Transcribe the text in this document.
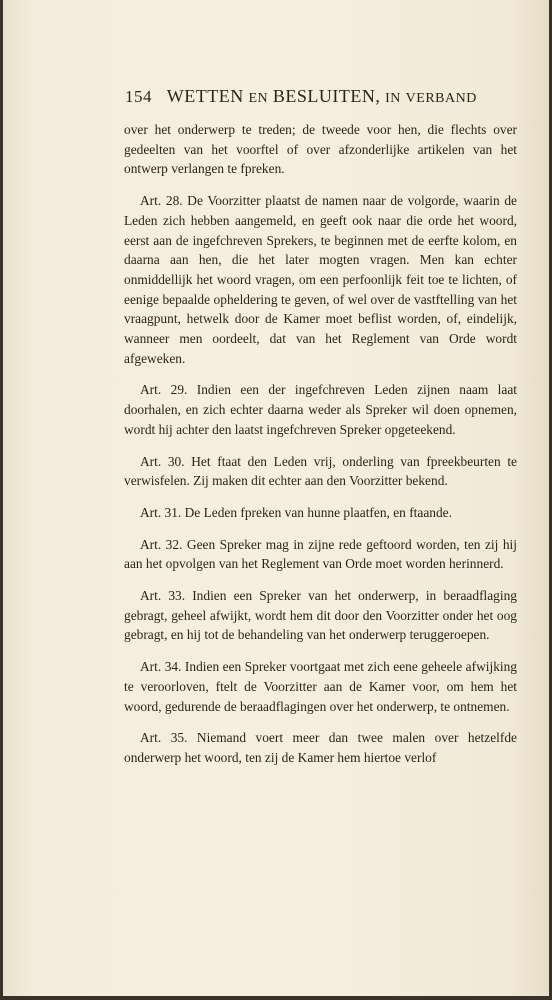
154 WETTEN EN BESLUITEN, IN VERBAND

over het onderwerp te treden; de tweede voor hen, die flechts over gedeelten van het voorftel of over afzonderlijke artikelen van het ontwerp verlangen te fpreken.

Art. 28. De Voorzitter plaatst de namen naar de volgorde, waarin de Leden zich hebben aangemeld, en geeft ook naar die orde het woord, eerst aan de ingefchreven Sprekers, te beginnen met de eerfte kolom, en daarna aan hen, die het later mogten vragen. Men kan echter onmiddellijk het woord vragen, om een perfoonlijk feit toe te lichten, of eenige bepaalde opheldering te geven, of wel over de vastftelling van het vraagpunt, hetwelk door de Kamer moet beflist worden, of, eindelijk, wanneer men oordeelt, dat van het Reglement van Orde wordt afgeweken.

Art. 29. Indien een der ingefchreven Leden zijnen naam laat doorhalen, en zich echter daarna weder als Spreker wil doen opnemen, wordt hij achter den laatst ingefchreven Spreker opgeteekend.

Art. 30. Het ftaat den Leden vrij, onderling van fpreekbeurten te verwisfelen. Zij maken dit echter aan den Voorzitter bekend.

Art. 31. De Leden fpreken van hunne plaatfen, en ftaande.

Art. 32. Geen Spreker mag in zijne rede geftoord worden, ten zij hij aan het opvolgen van het Reglement van Orde moet worden herinnerd.

Art. 33. Indien een Spreker van het onderwerp, in beraadflaging gebragt, geheel afwijkt, wordt hem dit door den Voorzitter onder het oog gebragt, en hij tot de behandeling van het onderwerp teruggeroepen.

Art. 34. Indien een Spreker voortgaat met zich eene geheele afwijking te veroorloven, ftelt de Voorzitter aan de Kamer voor, om hem het woord, gedurende de beraadflagingen over het onderwerp, te ontnemen.

Art. 35. Niemand voert meer dan twee malen over hetzelfde onderwerp het woord, ten zij de Kamer hem hiertoe verlof
